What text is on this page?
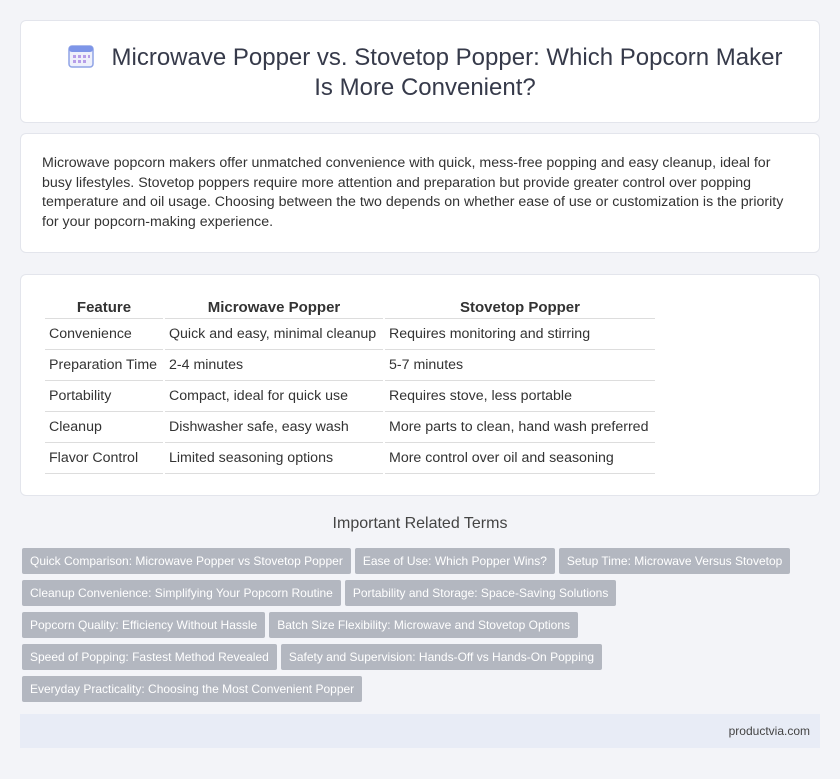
Microwave Popper vs. Stovetop Popper: Which Popcorn Maker Is More Convenient?

Microwave popcorn makers offer unmatched convenience with quick, mess-free popping and easy cleanup, ideal for busy lifestyles. Stovetop poppers require more attention and preparation but provide greater control over popping temperature and oil usage. Choosing between the two depends on whether ease of use or customization is the priority for your popcorn-making experience.

Feature	Microwave Popper	Stovetop Popper
Convenience	Quick and easy, minimal cleanup	Requires monitoring and stirring
Preparation Time	2-4 minutes	5-7 minutes
Portability	Compact, ideal for quick use	Requires stove, less portable
Cleanup	Dishwasher safe, easy wash	More parts to clean, hand wash preferred
Flavor Control	Limited seasoning options	More control over oil and seasoning
Important Related Terms
Quick Comparison: Microwave Popper vs Stovetop Popper Ease of Use: Which Popper Wins? Setup Time: Microwave Versus Stovetop
Cleanup Convenience: Simplifying Your Popcorn Routine Portability and Storage: Space-Saving Solutions
Popcorn Quality: Efficiency Without Hassle Batch Size Flexibility: Microwave and Stovetop Options
Speed of Popping: Fastest Method Revealed Safety and Supervision: Hands-Off vs Hands-On Popping
Everyday Practicality: Choosing the Most Convenient Popper
productvia.com
